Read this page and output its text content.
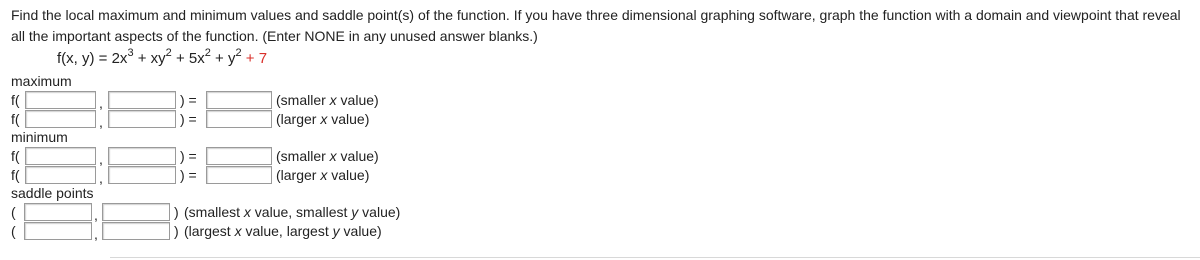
Find the local maximum and minimum values and saddle point(s) of the function. If you have three dimensional graphing software, graph the function with a domain and viewpoint that reveal all the important aspects of the function. (Enter NONE in any unused answer blanks.)
f(x, $y) = 2x^3 + xy^2 + 5x^2 + y^2 + 7$
maximum
f(	,	) =	(smaller x value)
f(	,	) =	(larger x value)
minimum
f(	,	) =	(smaller x value)
f(	,	) =	(larger x value)
saddle points
(	,	) (smallest x value, smallest y value)
(	,	) (largest x value, largest y value)
